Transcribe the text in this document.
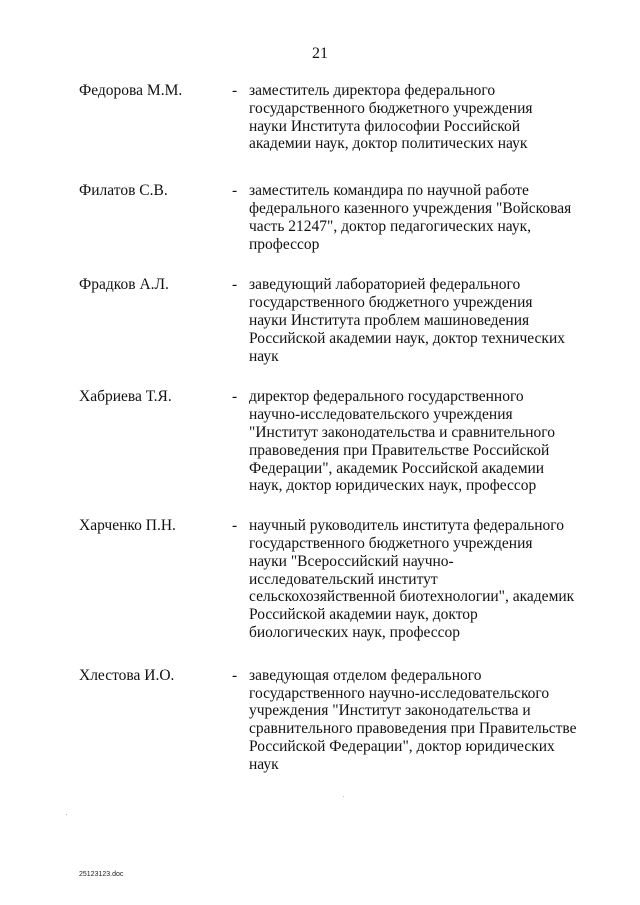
21
Федорова М.М.	- заместитель директора федерального
государственного бюджетного учреждения
науки Института философии Российской
академии наук, доктор политических наук
Филатов С.В.	- заместитель командира по научной работе
федерального казенного учреждения "Войсковая
часть 21247", доктор педагогических наук,
профессор
Фрадков А.Л.	- заведующий лабораторией федерального
государственного бюджетного учреждения
науки Института проблем машиноведения
Российской академии наук, доктор технических
наук
Хабриева Т.Я.	- директор федерального государственного
научно-исследовательского учреждения
"Институт законодательства и сравнительного
правоведения при Правительстве Российской
Федерации", академик Российской академии
наук, доктор юридических наук, профессор
Харченко П.Н.	- научный руководитель института федерального
государственного бюджетного учреждения
науки "Всероссийский научно-
исследовательский институт
сельскохозяйственной биотехнологии", академик
Российской академии наук, доктор
биологических наук, профессор
Хлестова И.О.	- заведующая отделом федерального
государственного научно-исследовательского
учреждения "Институт законодательства и
сравнительного правоведения при Правительстве
Российской Федерации", доктор юридических
наук
25123123.doc
